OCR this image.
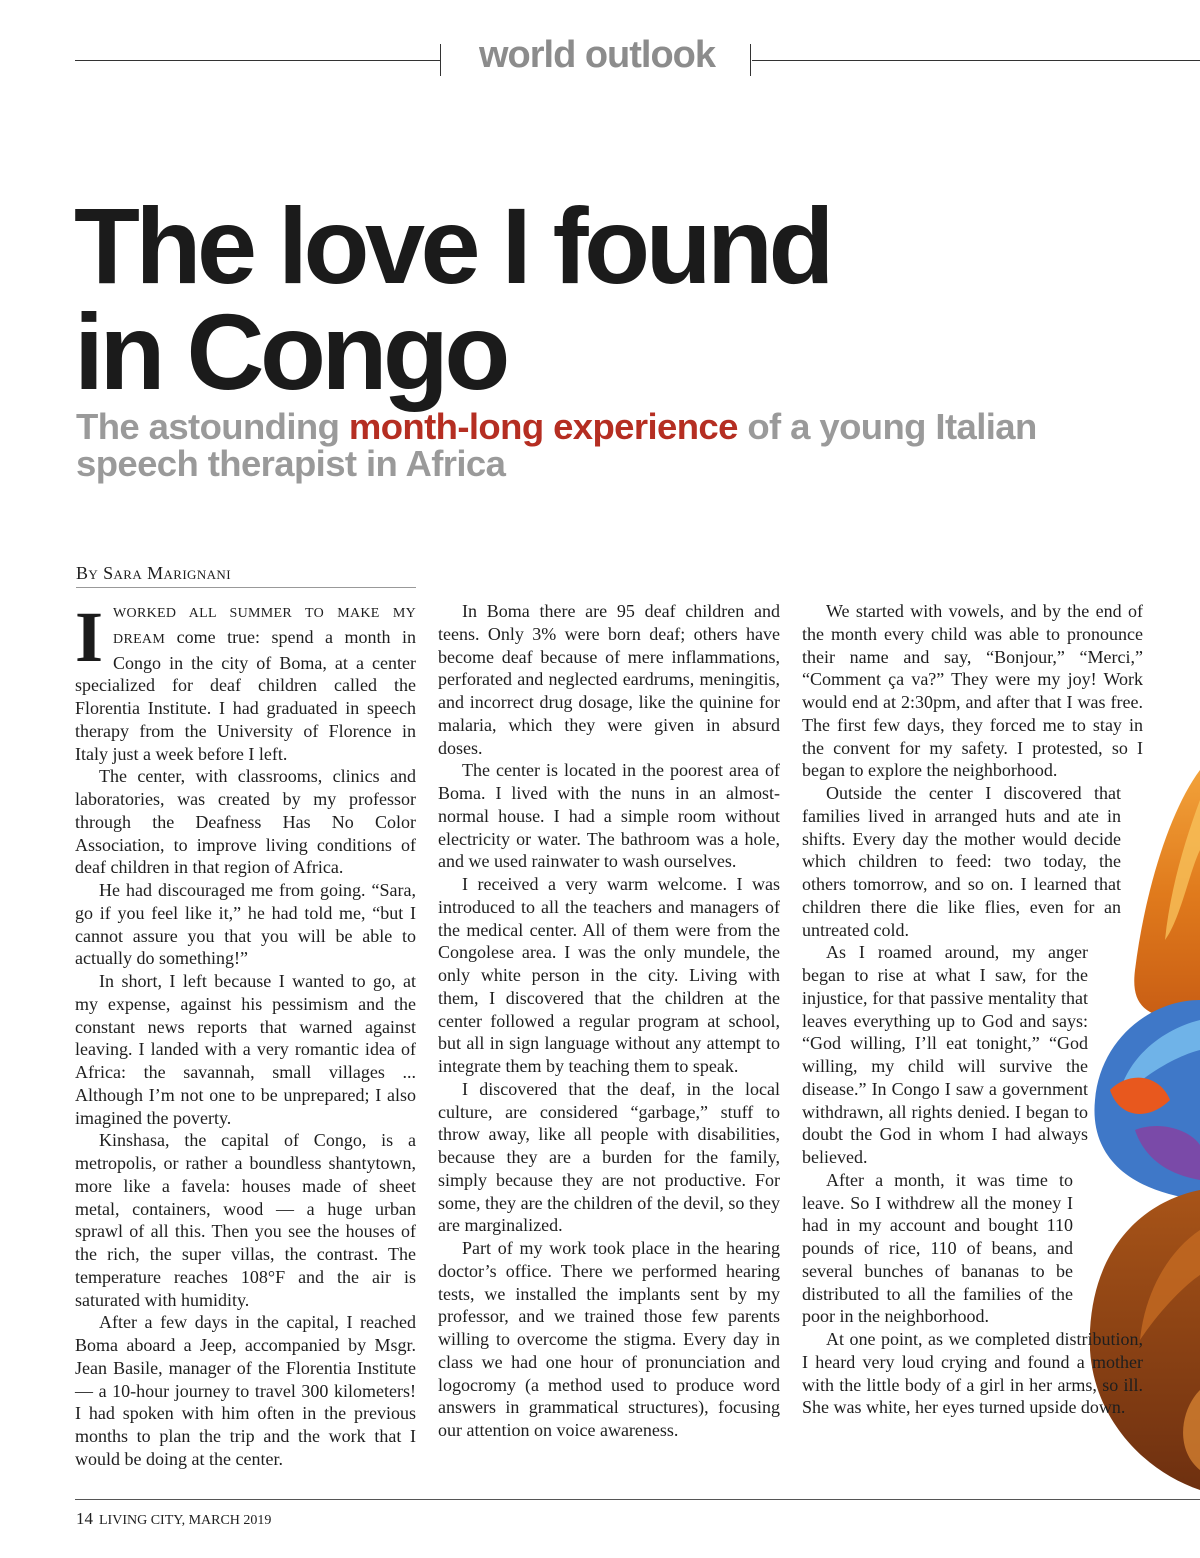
world outlook
The love I found
in Congo

The astounding month-long experience of a young Italian speech therapist in Africa

By Sara Marignani

IWORKED ALL SUMMER TO MAKE MY DREAM come true: spend a month in Congo in the city of Boma, at a center specialized for deaf children called the Florentia Institute. I had graduated in speech therapy from the University of Florence in Italy just a week before I left.

The center, with classrooms, clinics and laboratories, was created by my professor through the Deafness Has No Color Association, to improve living conditions of deaf children in that region of Africa.

He had discouraged me from going. “Sara, go if you feel like it,” he had told me, “but I cannot assure you that you will be able to actually do something!”

In short, I left because I wanted to go, at my expense, against his pessimism and the constant news reports that warned against leaving. I landed with a very romantic idea of Africa: the savannah, small villages ... Although I’m not one to be unprepared; I also imagined the poverty.

Kinshasa, the capital of Congo, is a metropolis, or rather a boundless shantytown, more like a favela: houses made of sheet metal, containers, wood — a huge urban sprawl of all this. Then you see the houses of the rich, the super villas, the contrast. The temperature reaches 108°F and the air is saturated with humidity.

After a few days in the capital, I reached Boma aboard a Jeep, accompanied by Msgr. Jean Basile, manager of the Florentia Institute — a 10-hour journey to travel 300 kilometers! I had spoken with him often in the previous months to plan the trip and the work that I would be doing at the center.

In Boma there are 95 deaf children and teens. Only 3% were born deaf; others have become deaf because of mere inflammations, perforated and neglected eardrums, meningitis, and incorrect drug dosage, like the quinine for malaria, which they were given in absurd doses.

The center is located in the poorest area of Boma. I lived with the nuns in an almost-normal house. I had a simple room without electricity or water. The bathroom was a hole, and we used rainwater to wash ourselves.

I received a very warm welcome. I was introduced to all the teachers and managers of the medical center. All of them were from the Congolese area. I was the only mundele, the only white person in the city. Living with them, I discovered that the children at the center followed a regular program at school, but all in sign language without any attempt to integrate them by teaching them to speak.

I discovered that the deaf, in the local culture, are considered “garbage,” stuff to throw away, like all people with disabilities, because they are a burden for the family, simply because they are not productive. For some, they are the children of the devil, so they are marginalized.

Part of my work took place in the hearing doctor’s office. There we performed hearing tests, we installed the implants sent by my professor, and we trained those few parents willing to overcome the stigma. Every day in class we had one hour of pronunciation and logocromy (a method used to produce word answers in grammatical structures), focusing our attention on voice awareness.

We started with vowels, and by the end of the month every child was able to pronounce their name and say, “Bonjour,” “Merci,” “Comment ça va?” They were my joy! Work would end at 2:30pm, and after that I was free. The first few days, they forced me to stay in the convent for my safety. I protested, so I began to explore the neighborhood.

Outside the center I discovered that families lived in arranged huts and ate in shifts. Every day the mother would decide which children to feed: two today, the others tomorrow, and so on. I learned that children there die like flies, even for an untreated cold.

As I roamed around, my anger began to rise at what I saw, for the injustice, for that passive mentality that leaves everything up to God and says: “God willing, I’ll eat tonight,” “God willing, my child will survive the disease.” In Congo I saw a government withdrawn, all rights denied. I began to doubt the God in whom I had always believed.

After a month, it was time to leave. So I withdrew all the money I had in my account and bought 110 pounds of rice, 110 of beans, and several bunches of bananas to be distributed to all the families of the poor in the neighborhood.

At one point, as we completed distribution, I heard very loud crying and found a mother with the little body of a girl in her arms, so ill. She was white, her eyes turned upside down.

14 LIVING CITY, MARCH 2019
